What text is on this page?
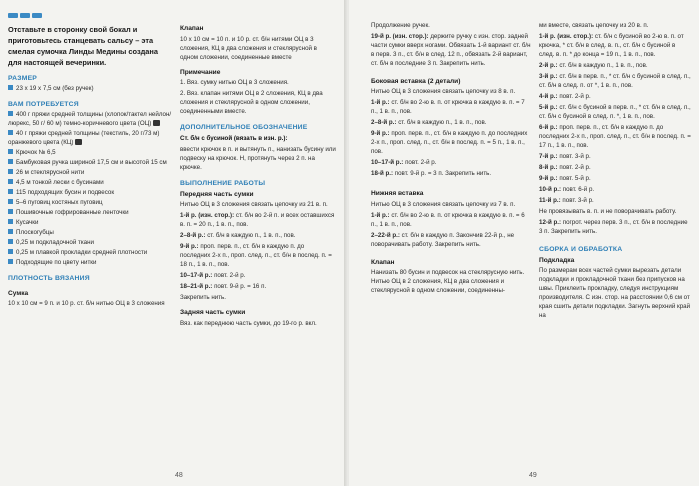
Отставьте в сторонку свой бокал и приготовьтесь станцевать сальсу – эта смелая сумочка Линды Медины создана для настоящей вечеринки.
РАЗМЕР
23 х 19 х 7,5 см (без ручек)
ВАМ ПОТРЕБУЕТСЯ
400 г пряжи средней толщины (хлопок/тактел нейлон/люрекс, 50 г/ 60 м) темно-коричневого цвета (ОЦ)
40 г пряжи средней толщины (текстиль, 20 г/73 м) оранжевого цвета (КЦ)
Крючок № 6,5
Бамбуковая ручка шириной 17,5 см и высотой 15 см
26 м стеклярусной нити
4,5 м тонкой лески с бусинами
115 подходящих бусин и подвесок
5–6 пуговиц костяных пуговиц
Пошивочные гофрированные ленточки
Кусачки
Плоскогубцы
0,25 м подкладочной ткани
0,25 м плавкой прокладки средней плотности
Подходящие по цвету нитки
ПЛОТНОСТЬ ВЯЗАНИЯ
Сумка
10 х 10 см = 9 п. и 10 р. ст. б/н нитью ОЦ в 3 сложения
Клапан
10 х 10 см = 10 п. и 10 р. ст. б/н нитями ОЦ в 3 сложения, КЦ в два сложения и стеклярусной в одном сложении, соединенные вместе
Примечание
1. Вяз. сумку нитью ОЦ в 3 сложения.
2. Вяз. клапан нитями ОЦ в 2 сложения, КЦ в два сложения и стеклярусной в одном сложении, соединенными вместе.
ДОПОЛНИТЕЛЬНОЕ ОБОЗНАЧЕНИЕ
Ст. б/н с бусиной (вязать в изн. р.):
ввести крючок в п. и вытянуть п., нанизать бусину или подвеску на крючок. Н, протянуть через 2 п. на крючке.
ВЫПОЛНЕНИЕ РАБОТЫ
Передняя часть сумки
Нитью ОЦ в 3 сложения связать цепочку из 21 в. п.
1-й р. (изн. стор.): ст. б/н во 2-й п. и всех оставшихся в. п. = 20 п., 1 в. п., пов.
2–8-й р.: ст. б/н в каждую п., 1 в. п., пов.
9-й р.: проп. перв. п., ст. б/н в каждую п. до последних 2-х п., проп. след. п., ст. б/н в послед. п. = 18 п., 1 в. п., пов.
10–17-й р.: повт. 2-й р.
18–21-й р.: повт. 9-й р. = 16 п.
Закрепить нить.
Задняя часть сумки
Вяз. как переднюю часть сумки, до 19-го р. вкл.
48
Продолжение ручек.
19-й р. (изн. стор.): держите ручку с изн. стор. задней части сумки вверх ногами. Обвязать 1-й вариант ст. б/н в перв. 3 п., ст. б/н в след. 12 п., обвязать 2-й вариант, ст. б/н в последние 3 п. Закрепить нить.
Боковая вставка (2 детали)
Нитью ОЦ в 3 сложения связать цепочку из 8 в. п.
1-й р.: ст. б/н во 2-ю в. п. от крючка в каждую в. п. = 7 п., 1 в. п., пов.
2–8-й р.: ст. б/н в каждую п., 1 в. п., пов.
9-й р.: проп. перв. п., ст. б/н в каждую п. до последних 2-х п., проп. след. п., ст. б/н в послед. п. = 5 п., 1 в. п., пов.
10–17-й р.: повт. 2-й р.
18-й р.: повт. 9-й р. = 3 п. Закрепить нить.
Нижняя вставка
Нитью ОЦ в 3 сложения связать цепочку из 7 в. п.
1-й р.: ст. б/н во 2-ю в. п. от крючка в каждую в. п. = 6 п., 1 в. п., пов.
2–22-й р.: ст. б/н в каждую п. Закончив 22-й р., не поворачивать работу. Закрепить нить.
Клапан
Нанизать 80 бусин и подвесок на стеклярусную нить. Нитью ОЦ в 2 сложения, КЦ в два сложения и стеклярусной в одном сложении, соединенны-
ми вместе, связать цепочку из 20 в. п.
1-й р. (изн. стор.): ст. б/н с бусиной во 2-ю в. п. от крючка, * ст. б/н в след. в. п., ст. б/н с бусиной в след. в. п. * до конца = 19 п., 1 в. п., пов.
2-й р.: ст. б/н в каждую п., 1 в. п., пов.
3-й р.: ст. б/н в перв. п., * ст. б/н с бусиной в след. п., ст. б/н в след. п. от *, 1 в. п., пов.
4-й р.: повт. 2-й р.
5-й р.: ст. б/н с бусиной в перв. п., * ст. б/н в след. п., ст. б/н с бусиной в след. п. *, 1 в. п., пов.
6-й р.: проп. перв. п., ст. б/н в каждую п. до последних 2-х п., проп. след. п., ст. б/н в послед. п. = 17 п., 1 в. п., пов.
7-й р.: повт. 3-й р.
8-й р.: повт. 2-й р.
9-й р.: повт. 5-й р.
10-й р.: повт. 6-й р.
11-й р.: повт. 3-й р.
Не провязывать в. п. и не поворачивать работу.
12-й р.: погрот. через перв. 3 п., ст. б/н в последние 3 п. Закрепить нить.
СБОРКА И ОБРАБОТКА
Подкладка
По размерам всех частей сумки вырезать детали подкладки и прокладочной ткани без припусков на швы. Приклеить прокладку, следуя инструкциям производителя. С изн. стор. на расстоянии 0,6 см от края сшить детали подкладки. Загнуть верхний край на
49
